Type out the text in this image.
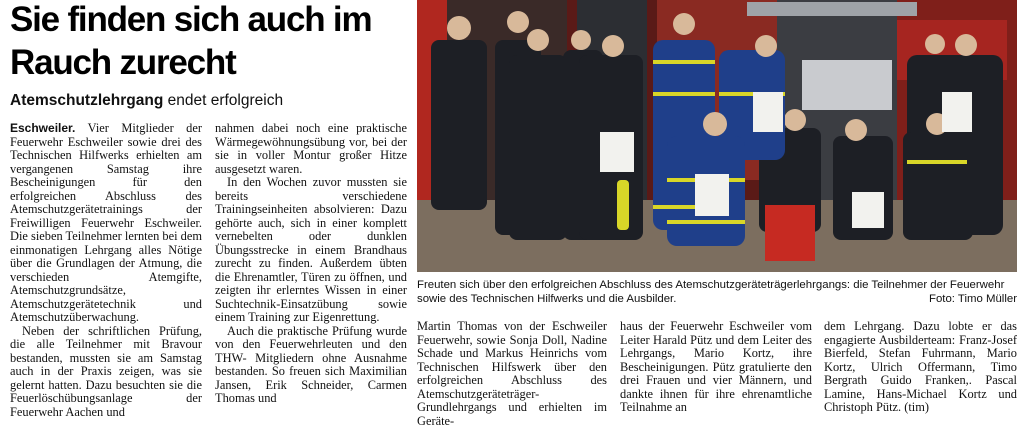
Sie finden sich auch im Rauch zurecht
Atemschutzlehrgang endet erfolgreich

Eschweiler. Vier Mitglieder der Feuerwehr Eschweiler sowie drei des Technischen Hilfwerks erhielten am vergangenen Samstag ihre Bescheinigungen für den erfolgreichen Abschluss des Atemschutzgerätetrainings der Freiwilligen Feuerwehr Eschweiler. Die sieben Teilnehmer lernten bei dem einmonatigen Lehrgang alles Nötige über die Grundlagen der Atmung, die verschieden Atemgifte, Atemschutzgrundsätze, Atemschutzgerätetechnik und Atemschutzüberwachung.

Neben der schriftlichen Prüfung, die alle Teilnehmer mit Bravour bestanden, mussten sie am Samstag auch in der Praxis zeigen, was sie gelernt hatten. Dazu besuchten sie die Feuerlöschübungsanlage der Feuerwehr Aachen und

nahmen dabei noch eine praktische Wärmegewöhnungsübung vor, bei der sie in voller Montur großer Hitze ausgesetzt waren.

In den Wochen zuvor mussten sie bereits verschiedene Trainingseinheiten absolvieren: Dazu gehörte auch, sich in einer komplett vernebelten oder dunklen Übungsstrecke in einem Brandhaus zurecht zu finden. Außerdem übten die Ehrenamtler, Türen zu öffnen, und zeigten ihr erlerntes Wissen in einer Suchtechnik-Einsatzübung sowie einem Training zur Eigenrettung.

Auch die praktische Prüfung wurde von den Feuerwehrleuten und den THW- Mitgliedern ohne Ausnahme bestanden. So freuen sich Maximilian Jansen, Erik Schneider, Carmen Thomas und

Freuten sich über den erfolgreichen Abschluss des Atemschutzgeräteträgerlehrgangs: die Teilnehmer der Feuerwehr sowie des Technischen Hilfwerks und die Ausbilder.	Foto: Timo Müller

Martin Thomas von der Eschweiler Feuerwehr, sowie Sonja Doll, Nadine Schade und Markus Heinrichs vom Technischen Hilfswerk über den erfolgreichen Abschluss des Atemschutzgeräteträger-Grundlehrgangs und erhielten im Geräte-

haus der Feuerwehr Eschweiler vom Leiter Harald Pütz und dem Leiter des Lehrgangs, Mario Kortz, ihre Bescheinigungen. Pütz gratulierte den drei Frauen und vier Männern, und dankte ihnen für ihre ehrenamtliche Teilnahme an

dem Lehrgang. Dazu lobte er das engagierte Ausbilderteam: Franz-Josef Bierfeld, Stefan Fuhrmann, Mario Kortz, Ulrich Offermann, Timo Bergrath Guido Franken,. Pascal Lamine, Hans-Michael Kortz und Christoph Pütz. (tim)
